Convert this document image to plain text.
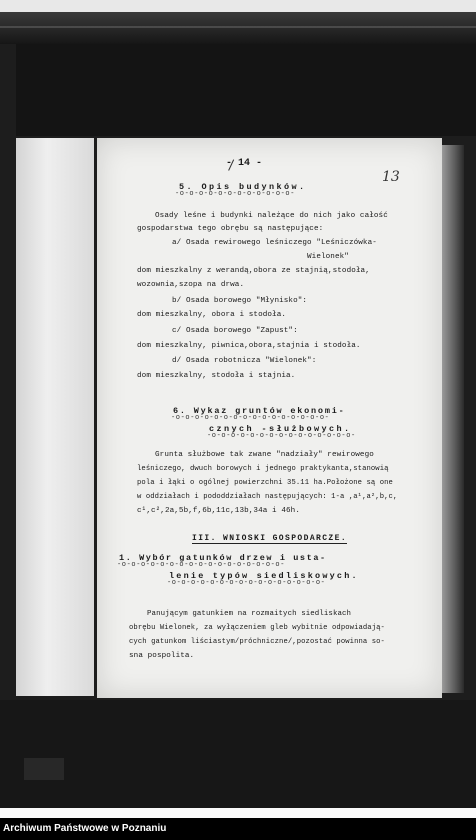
- 14 -
13
5. Opis budynków.
-o-o-o-o-o-o-o-o-o-o-o-o-
Osady leśne i budynki należące do nich jako całość
gospodarstwa tego obrębu są następujące:
a/ Osada rewirowego leśniczego "Leśniczówka-
Wielonek"
dom mieszkalny z werandą,obora ze stajnią,stodoła,
wozownia,szopa na drwa.
b/ Osada borowego "Młynisko":
dom mieszkalny, obora i stodoła.
c/ Osada borowego "Zapust":
dom mieszkalny, piwnica,obora,stajnia i stodoła.
d/ Osada robotnicza "Wielonek":
dom mieszkalny, stodoła i stajnia.
6. Wykaz gruntów ekonomi-
-o-o-o-o-o-o-o-o-o-o-o-o-o-o-o-o-
cznych -służbowych.
-o-o-o-o-o-o-o-o-o-o-o-o-o-o-o-
Grunta służbowe tak zwane "nadziały" rewirowego
leśniczego, dwuch borowych i jednego praktykanta,stanowią
pola i łąki o ogólnej powierzchni 35.11 ha.Położone są one
w oddziałach i pododdziałach następujących: 1-a ,a¹,a²,b,c,
c¹,c²,2a,5b,f,6b,11c,13b,34a i 46h.
III. WNIOSKI GOSPODARCZE.
1. Wybór gatunków drzew i usta-
-o-o-o-o-o-o-o-o-o-o-o-o-o-o-o-o-o-
lenie typów siedliskowych.
-o-o-o-o-o-o-o-o-o-o-o-o-o-o-o-o-
Panującym gatunkiem na rozmaitych siedliskach
obrębu Wielonek, za wyłączeniem gleb wybitnie odpowiadają-
cych gatunkom liściastym/próchniczne/,pozostać powinna so-
sna pospolita.
Archiwum Państwowe w Poznaniu
